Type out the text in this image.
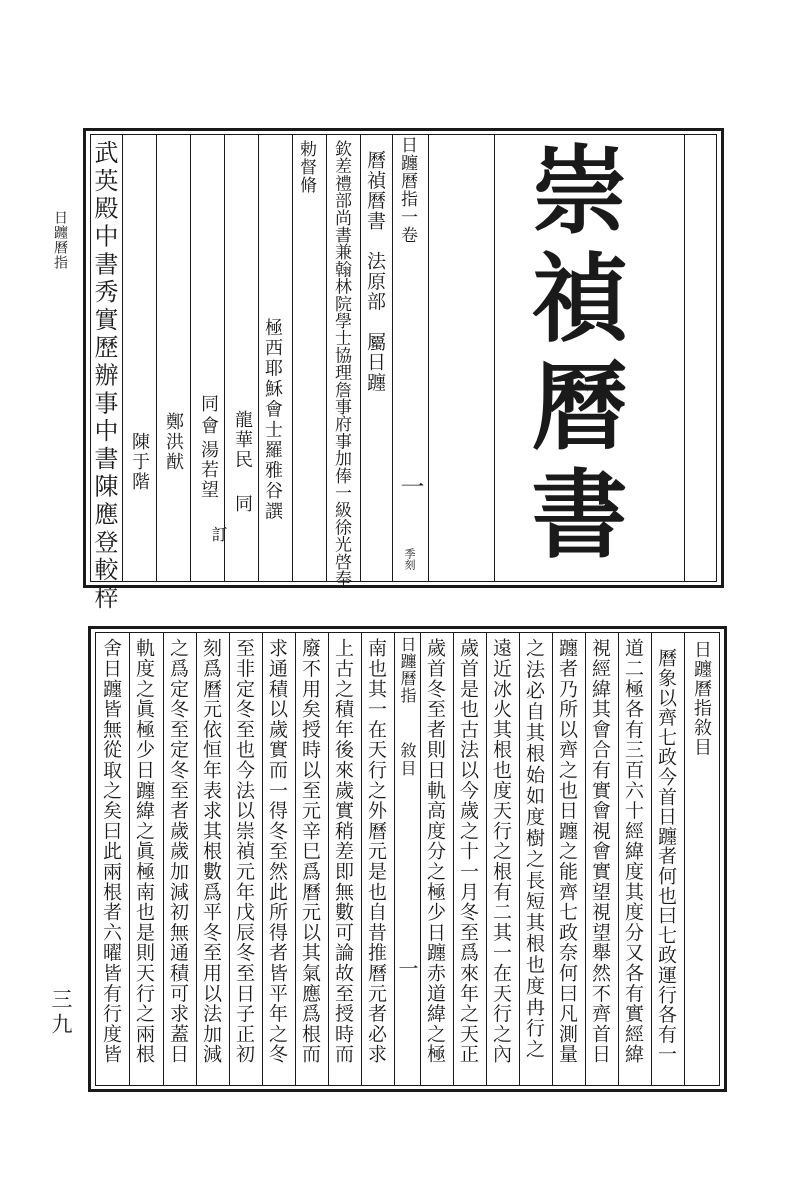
日躔曆指
三九
武英殿中書秀實歷辦事中書陳應登較梓 陳于階 鄭洪猷 同會
湯若望
訂
龍華民
同 極西耶穌會士羅雅谷譔
勅督脩 欽差禮部尚書兼翰林院學士協理詹事府事加俸一級徐光啓奉 曆禎曆書　法原部　屬日躔 日躔曆指一卷
一
季刻 崇禎曆書
日躔曆指敘目
日躔曆指
敘目
一	曆象以齊七政今首日躔者何也曰七政運行各有一
道二極各有三百六十經緯度其度分又各有實經緯
視經緯其會合有實會視會實望視望舉然不齊首日
躔者乃所以齊之也日躔之能齊七政奈何曰凡測量
之法必自其根始如度樹之長短其根也度冉行之
遠近冰火其根也度天行之根有二其一在天行之內
歲首是也古法以今歲之十一月冬至爲來年之天正
歲首冬至者則日軌高度分之極少日躔赤道緯之極
南也其一在天行之外曆元是也自昔推曆元者必求
上古之積年後來歲實稍差即無數可論故至授時而
廢不用矣授時以至元辛巳爲曆元以其氣應爲根而
求通積以歲實而一得冬至然此所得者皆平年之冬
至非定冬至也今法以崇禎元年戊辰冬至日子正初
刻爲曆元依恒年表求其根數爲平冬至用以法加減
之爲定冬至定冬至者歲歲加減初無通積可求蓋日
軌度之眞極少日躔緯之眞極南也是則天行之兩根
舍日躔皆無從取之矣曰此兩根者六曜皆有行度皆
